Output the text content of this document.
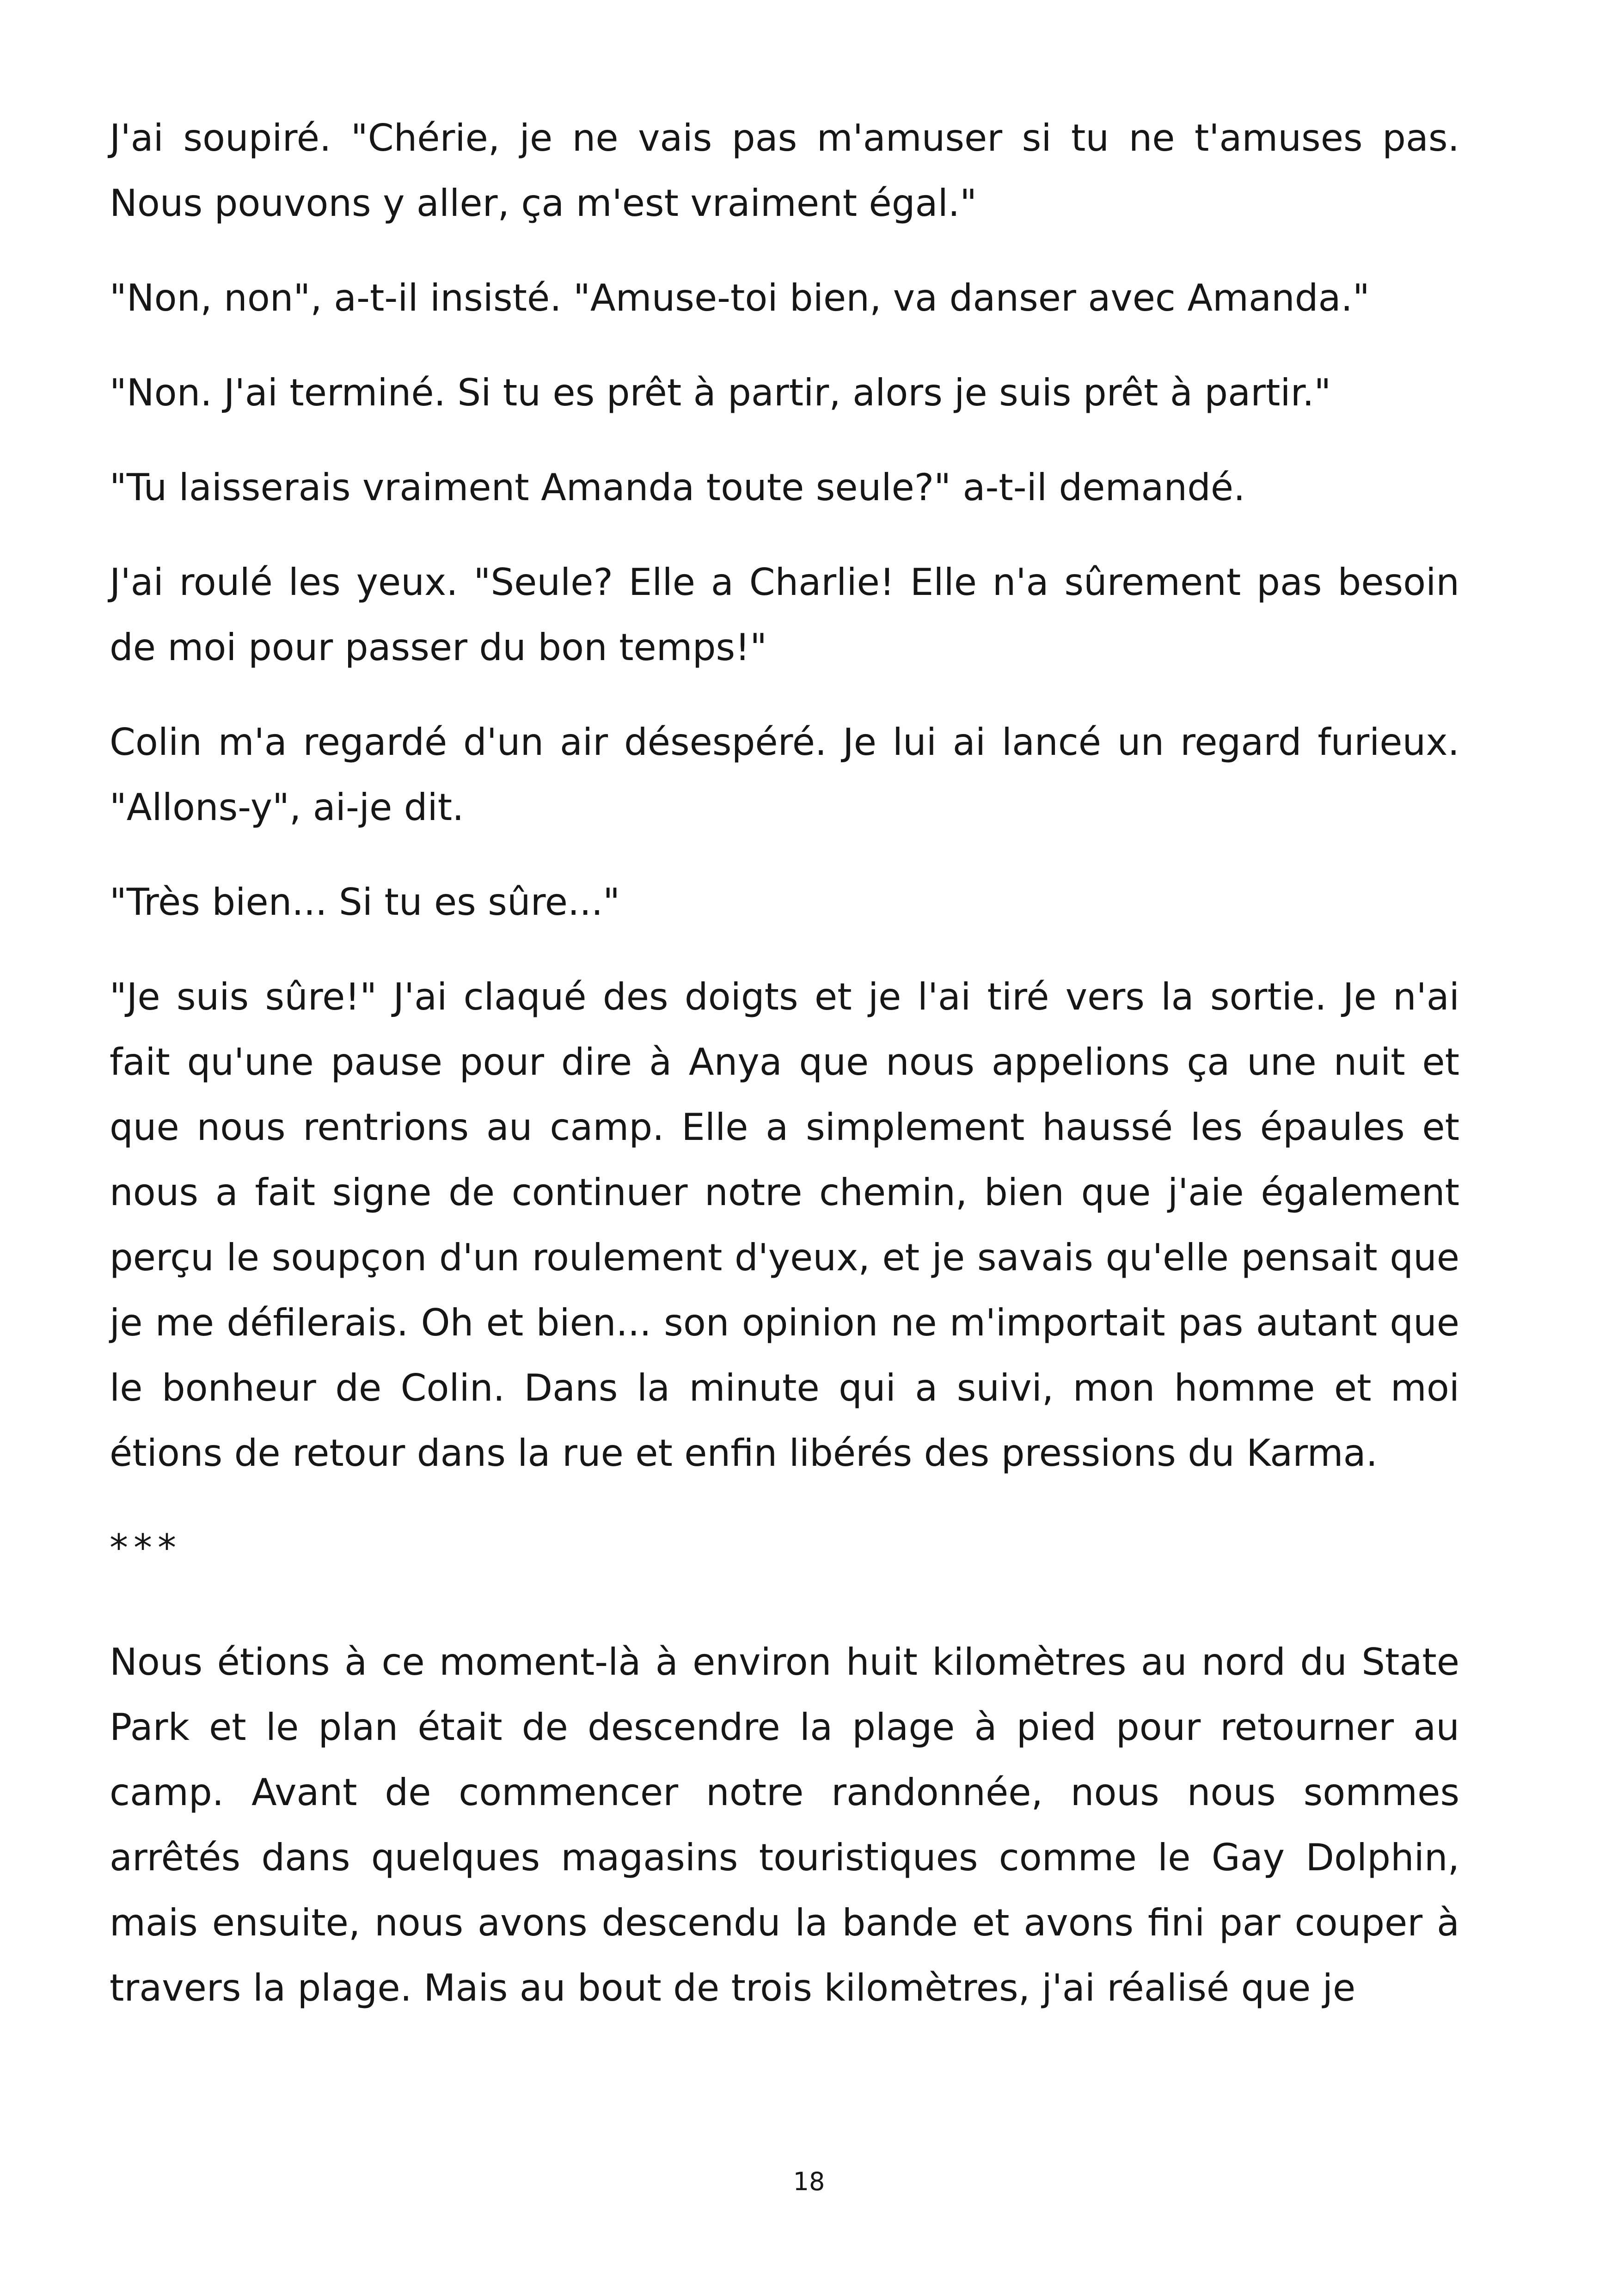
J'ai soupiré. "Chérie, je ne vais pas m'amuser si tu ne t'amuses pas. Nous pouvons y aller, ça m'est vraiment égal."

"Non, non", a-t-il insisté. "Amuse-toi bien, va danser avec Amanda."

"Non. J'ai terminé. Si tu es prêt à partir, alors je suis prêt à partir."

"Tu laisserais vraiment Amanda toute seule?" a-t-il demandé.

J'ai roulé les yeux. "Seule? Elle a Charlie! Elle n'a sûrement pas besoin de moi pour passer du bon temps!"

Colin m'a regardé d'un air désespéré. Je lui ai lancé un regard furieux. "Allons-y", ai-je dit.

"Très bien... Si tu es sûre..."

"Je suis sûre!" J'ai claqué des doigts et je l'ai tiré vers la sortie. Je n'ai fait qu'une pause pour dire à Anya que nous appelions ça une nuit et que nous rentrions au camp. Elle a simplement haussé les épaules et nous a fait signe de continuer notre chemin, bien que j'aie également perçu le soupçon d'un roulement d'yeux, et je savais qu'elle pensait que je me défilerais. Oh et bien... son opinion ne m'importait pas autant que le bonheur de Colin. Dans la minute qui a suivi, mon homme et moi étions de retour dans la rue et enfin libérés des pressions du Karma.

***

Nous étions à ce moment-là à environ huit kilomètres au nord du State Park et le plan était de descendre la plage à pied pour retourner au camp. Avant de commencer notre randonnée, nous nous sommes arrêtés dans quelques magasins touristiques comme le Gay Dolphin, mais ensuite, nous avons descendu la bande et avons fini par couper à travers la plage. Mais au bout de trois kilomètres, j'ai réalisé que je

18
